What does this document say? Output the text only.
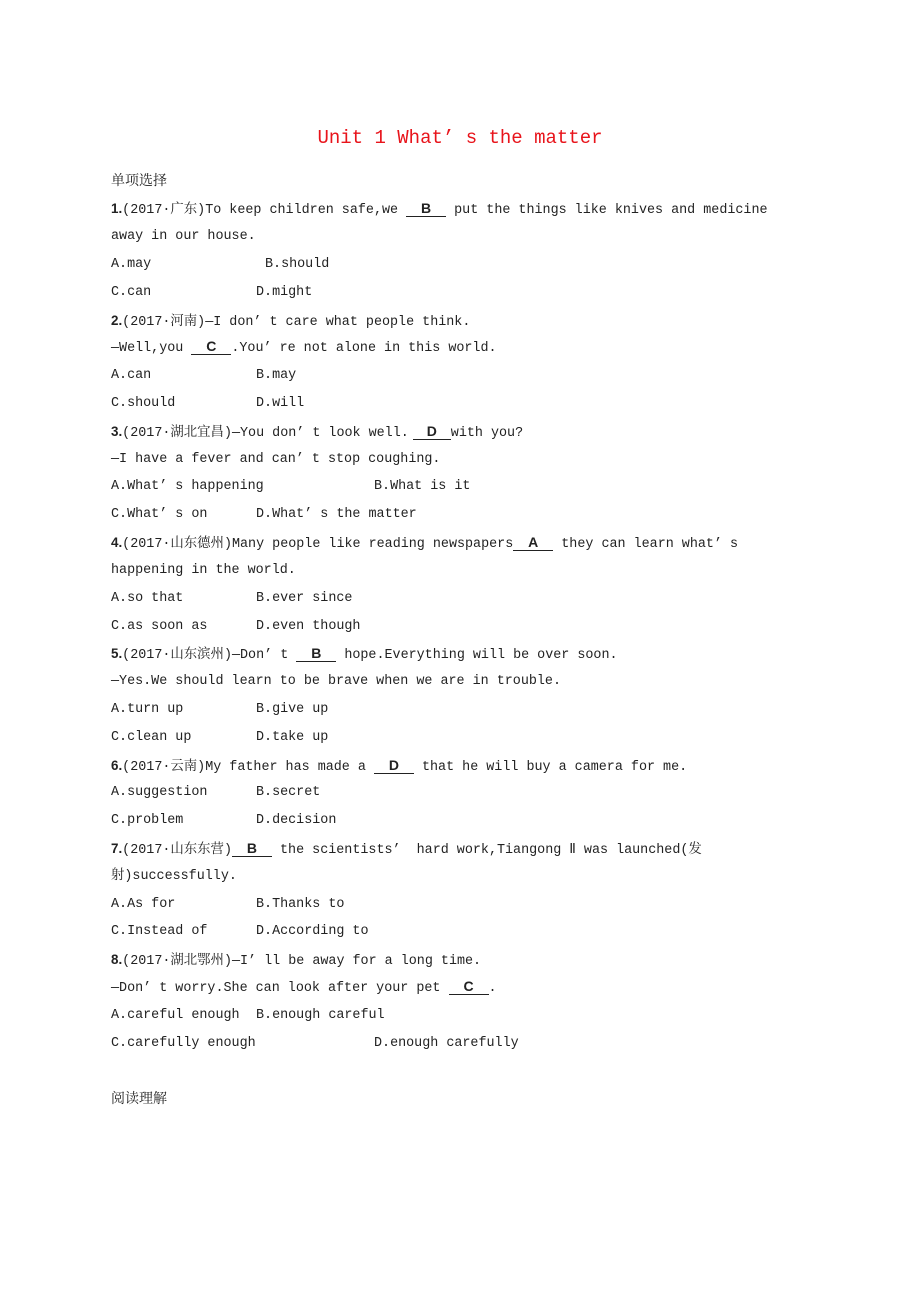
Unit 1 What’ s the matter
单项选择
1.(2017·广东)To keep children safe,we B put the things like knives and medicine
away in our house.
A.may	B.should
C.can	D.might
2.(2017·河南)—I don’ t care what people think.
—Well,you C .You’ re not alone in this world.
A.can	B.may
C.should	D.will
3.(2017·湖北宜昌)—You don’ t look well. D with you?
—I have a fever and can’ t stop coughing.
A.What’ s happening	B.What is it
C.What’ s on	D.What’ s the matter
4.(2017·山东德州)Many people like reading newspapers A they can learn what’ s
happening in the world.
A.so that	B.ever since
C.as soon as	D.even though
5.(2017·山东滨州)—Don’ t B hope.Everything will be over soon.
—Yes.We should learn to be brave when we are in trouble.
A.turn up	B.give up
C.clean up	D.take up
6.(2017·云南)My father has made a D that he will buy a camera for me.
A.suggestion	B.secret
C.problem	D.decision
7.(2017·山东东营) B the scientists’  hard work,Tiangong Ⅱ was launched(发
射)successfully.
A.As for	B.Thanks to
C.Instead of	D.According to
8.(2017·湖北鄂州)—I’ ll be away for a long time.
—Don’ t worry.She can look after your pet C .
A.careful enough B.enough careful
C.carefully enough	D.enough carefully
阅读理解
